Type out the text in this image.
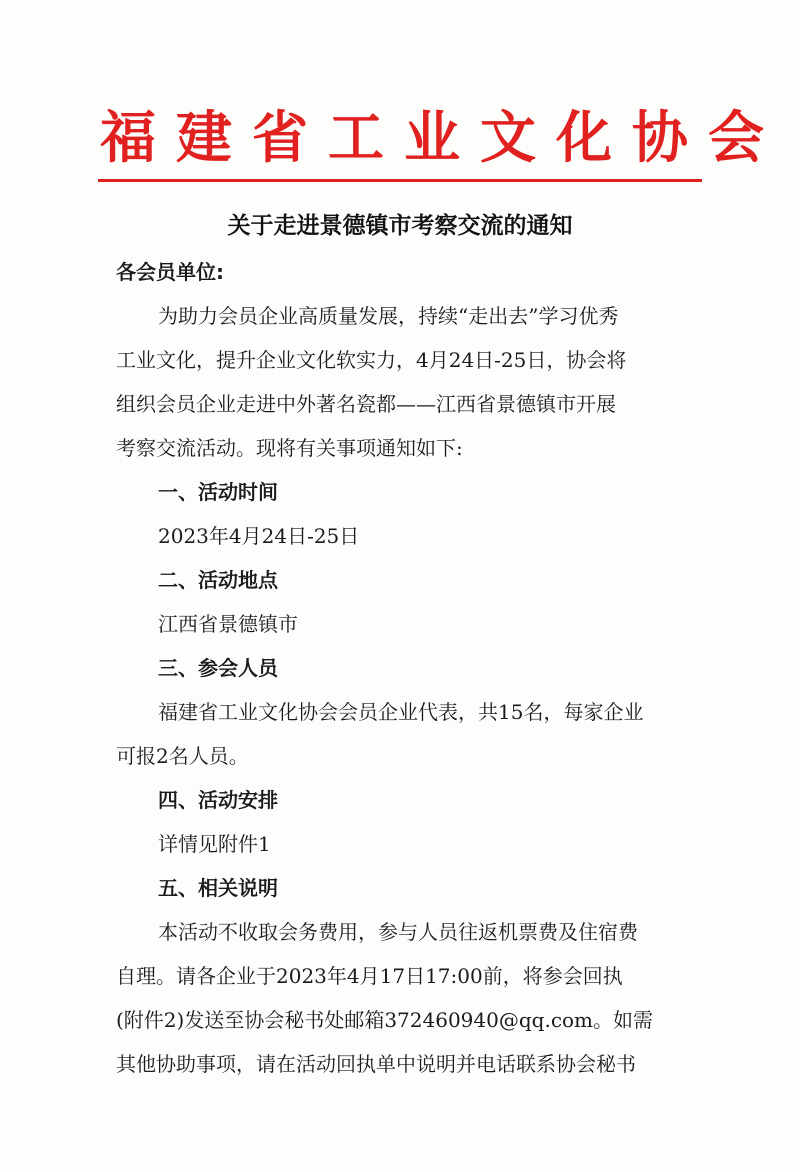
福建省工业文化协会
关于走进景德镇市考察交流的通知
各会员单位:
为助力会员企业高质量发展，持续“走出去”学习优秀
工业文化，提升企业文化软实力，4月24日-25日，协会将
组织会员企业走进中外著名瓷都——江西省景德镇市开展
考察交流活动。现将有关事项通知如下:
一、活动时间
2023年4月24日-25日
二、活动地点
江西省景德镇市
三、参会人员
福建省工业文化协会会员企业代表，共15名，每家企业
可报2名人员。
四、活动安排
详情见附件1
五、相关说明
本活动不收取会务费用，参与人员往返机票费及住宿费
自理。请各企业于2023年4月17日17:00前，将参会回执
(附件2)发送至协会秘书处邮箱372460940@qq.com。如需
其他协助事项，请在活动回执单中说明并电话联系协会秘书
